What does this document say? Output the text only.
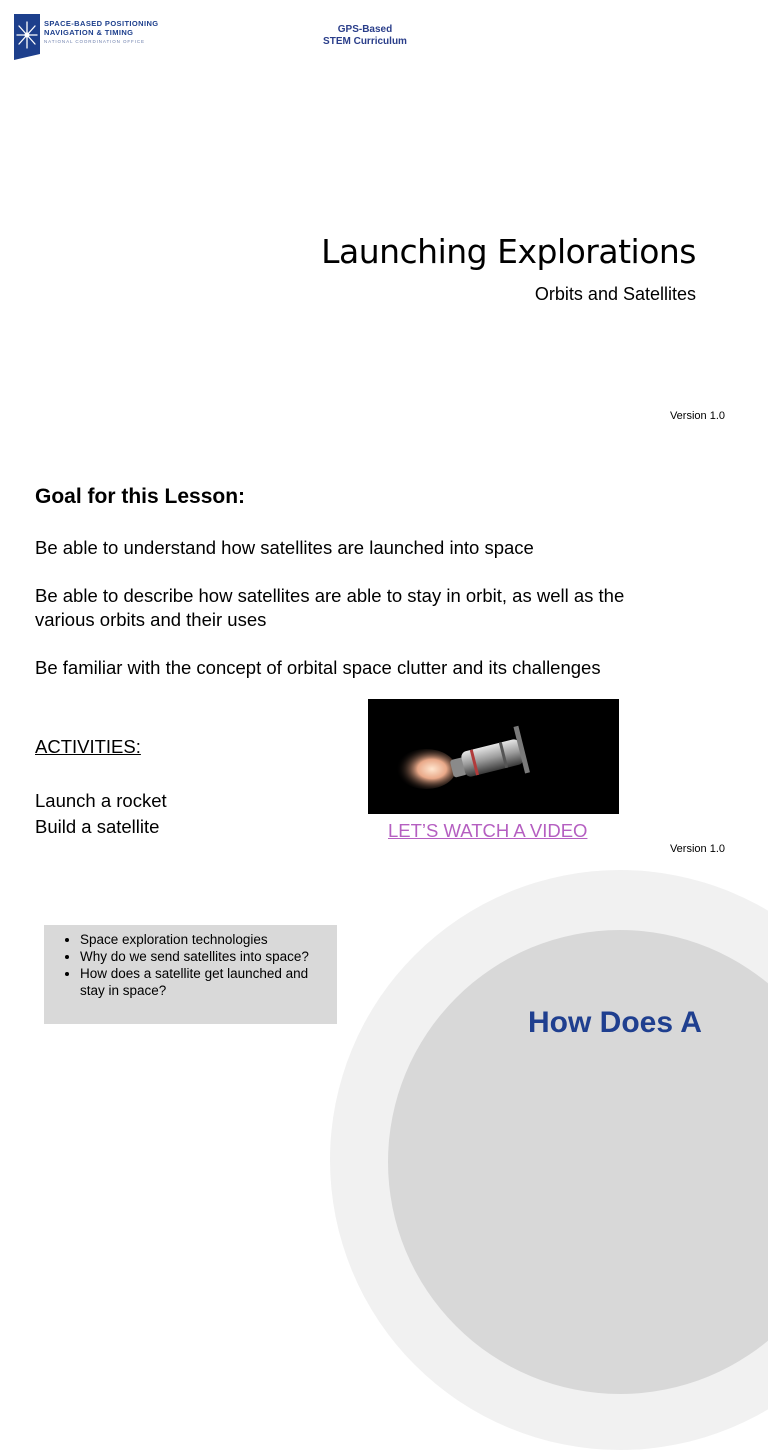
SPACE-BASED POSITIONING
NAVIGATION & TIMING
NATIONAL COORDINATION OFFICE
GPS-Based
STEM Curriculum
Launching Explorations
Orbits and Satellites
Version 1.0
Goal for this Lesson:
Be able to understand how satellites are launched into space
Be able to describe how satellites are able to stay in orbit, as well as the various orbits and their uses
Be familiar with the concept of orbital space clutter and its challenges
ACTIVITIES:
Launch a rocket
Build a satellite	LET’S WATCH A VIDEO
Version 1.0
• Space exploration technologies
• Why do we send satellites into space?
• How does a satellite get launched and stay in space?
How Does A
